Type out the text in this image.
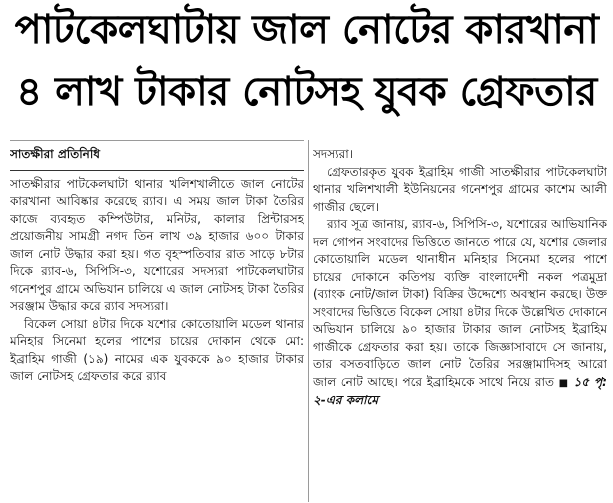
পাটকেলঘাটায় জাল নোটের কারখানা
৪ লাখ টাকার নোটসহ যুবক গ্রেফতার
সাতক্ষীরা প্রতিনিধি

সাতক্ষীরার পাটকেলঘাটা থানার খলিশখালীতে জাল নোটের কারখানা আবিষ্কার করেছে র‌্যাব। এ সময় জাল টাকা তৈরির কাজে ব্যবহৃত কম্পিউটার, মনিটর, কালার প্রিন্টারসহ প্রয়োজনীয় সামগ্রী নগদ তিন লাখ ৩৯ হাজার ৬০০ টাকার জাল নোট উদ্ধার করা হয়। গত বৃহস্পতিবার রাত সাড়ে ৮টার দিকে র‌্যাব-৬, সিপিসি-৩, যশোরের সদস্যরা পাটকেলঘাটার গনেশপুর গ্রামে অভিযান চালিয়ে এ জাল নোটসহ টাকা তৈরির সরঞ্জাম উদ্ধার করে র‌্যাব সদস্যরা।

বিকেল সোয়া ৪টার দিকে যশোর কোতোয়ালি মডেল থানার মনিহার সিনেমা হলের পাশের চায়ের দোকান থেকে মো: ইব্রাহিম গাজী (১৯) নামের এক যুবককে ৯০ হাজার টাকার জাল নোটসহ গ্রেফতার করে র‌্যাব

সদস্যরা।

গ্রেফতারকৃত যুবক ইব্রাহিম গাজী সাতক্ষীরার পাটকেলঘাটা থানার খলিশখালী ইউনিয়নের গনেশপুর গ্রামের কাশেম আলী গাজীর ছেলে।

র‌্যাব সূত্র জানায়, র‌্যাব-৬, সিপিসি-৩, যশোরের আভিযানিক দল গোপন সংবাদের ভিত্তিতে জানতে পারে যে, যশোর জেলার কোতোয়ালি মডেল থানাধীন মনিহার সিনেমা হলের পাশে চায়ের দোকানে কতিপয় ব্যক্তি বাংলাদেশী নকল পত্রমুদ্রা (ব্যাংক নোট/জাল টাকা) বিক্রির উদ্দেশ্যে অবস্থান করছে। উক্ত সংবাদের ভিত্তিতে বিকেল সোয়া ৪টার দিকে উল্লেখিত দোকানে অভিযান চালিয়ে ৯০ হাজার টাকার জাল নোটসহ ইব্রাহিম গাজীকে গ্রেফতার করা হয়। তাকে জিজ্ঞাসাবাদে সে জানায়, তার বসতবাড়িতে জাল নোট তৈরির সরঞ্জামাদিসহ আরো জাল নোট আছে। পরে ইব্রাহিমকে সাথে নিয়ে রাত ■ ১৫ পৃ: ২-এর কলামে
